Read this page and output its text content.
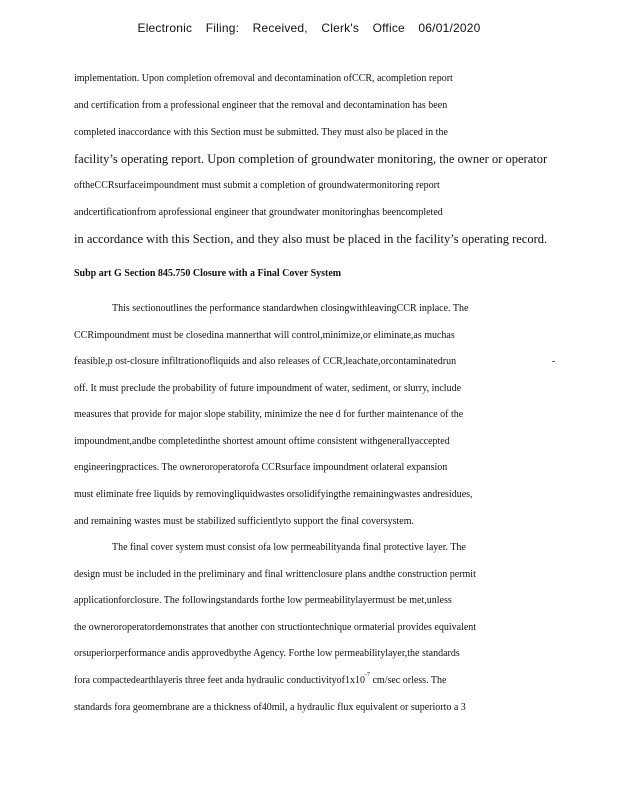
Electronic Filing: Received, Clerk's Office 06/01/2020
implementation. Upon completion ofremoval and decontamination ofCCR, acompletion report
and certification from a professional engineer that the removal and decontamination has been
completed inaccordance with this Section must be submitted. They must also be placed in the
facility’s operating report. Upon completion of groundwater monitoring, the owner or operator
oftheCCRsurfaceimpoundment must submit a completion of groundwatermonitoring report
andcertificationfrom aprofessional engineer that groundwater monitoringhas beencompleted
in accordance with this Section, and they also must be placed in the facility’s operating record.
Subp art G Section 845.750 Closure with a Final Cover System
This sectionoutlines the performance standardwhen closingwithleavingCCR inplace. The
CCRimpoundment must be closedina mannerthat will control,minimize,or eliminate,as muchas
feasible,p ost-closure infiltrationofliquids and also releases of CCR,leachate,orcontaminatedrun	-
off. It must preclude the probability of future impoundment of water, sediment, or slurry, include
measures that provide for major slope stability, minimize the nee d for further maintenance of the
impoundment,andbe completedinthe shortest amount oftime consistent withgenerallyaccepted
engineeringpractices. The owneroroperatorofa CCRsurface impoundment orlateral expansion
must eliminate free liquids by removingliquidwastes orsolidifyingthe remainingwastes andresidues,
and remaining wastes must be stabilized sufficientlyto support the final coversystem.
The final cover system must consist ofa low permeabilityanda final protective layer. The
design must be included in the preliminary and final writtenclosure plans andthe construction permit
applicationforclosure. The followingstandards forthe low permeabilitylayermust be met,unless
the owneroroperatordemonstrates that another con structiontechnique ormaterial provides equivalent
orsuperiorperformance andis approvedbythe Agency. Forthe low permeabilitylayer,the standards
fora compactedearthlayeris three feet anda hydraulic $conductivityof1x10^{-7}$ cm/sec orless. The
standards fora geomembrane are a thickness of40mil, a hydraulic flux equivalent or superiorto a 3
